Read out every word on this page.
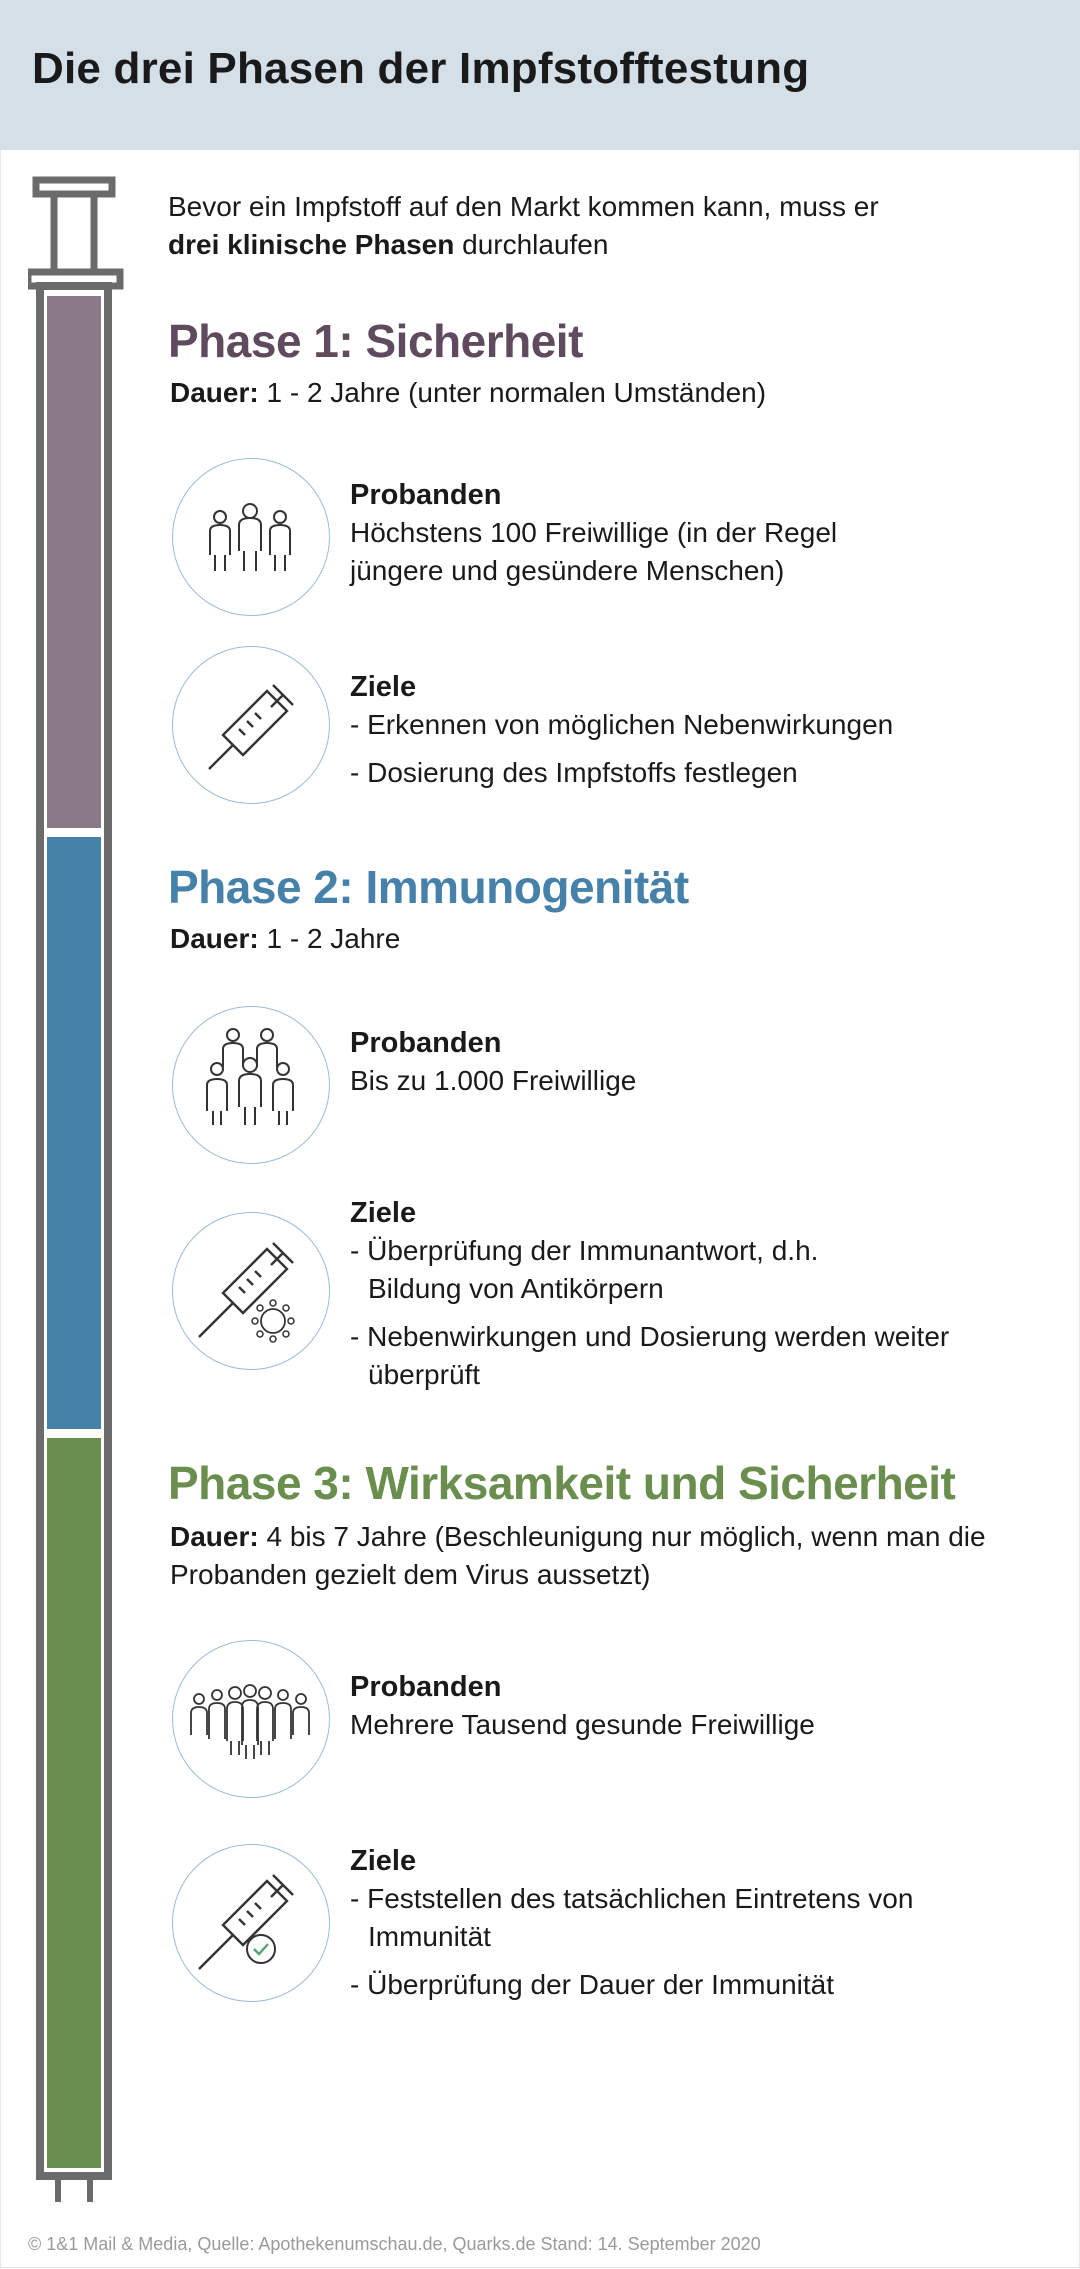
Die drei Phasen der Impfstofftestung
Bevor ein Impfstoff auf den Markt kommen kann, muss er
drei klinische Phasen durchlaufen
Phase 1: Sicherheit
Dauer: 1 - 2 Jahre (unter normalen Umständen)
Probanden
Höchstens 100 Freiwillige (in der Regel jüngere und gesündere Menschen)
Ziele
- Erkennen von möglichen Nebenwirkungen
- Dosierung des Impfstoffs festlegen
Phase 2: Immunogenität
Dauer: 1 - 2 Jahre
Probanden
Bis zu 1.000 Freiwillige
Ziele
- Überprüfung der Immunantwort, d.h. Bildung von Antikörpern
- Nebenwirkungen und Dosierung werden weiter überprüft
Phase 3: Wirksamkeit und Sicherheit
Dauer: 4 bis 7 Jahre (Beschleunigung nur möglich, wenn man die Probanden gezielt dem Virus aussetzt)
Probanden
Mehrere Tausend gesunde Freiwillige
Ziele
- Feststellen des tatsächlichen Eintretens von Immunität
- Überprüfung der Dauer der Immunität
© 1&1 Mail & Media, Quelle: Apothekenumschau.de, Quarks.de Stand: 14. September 2020
